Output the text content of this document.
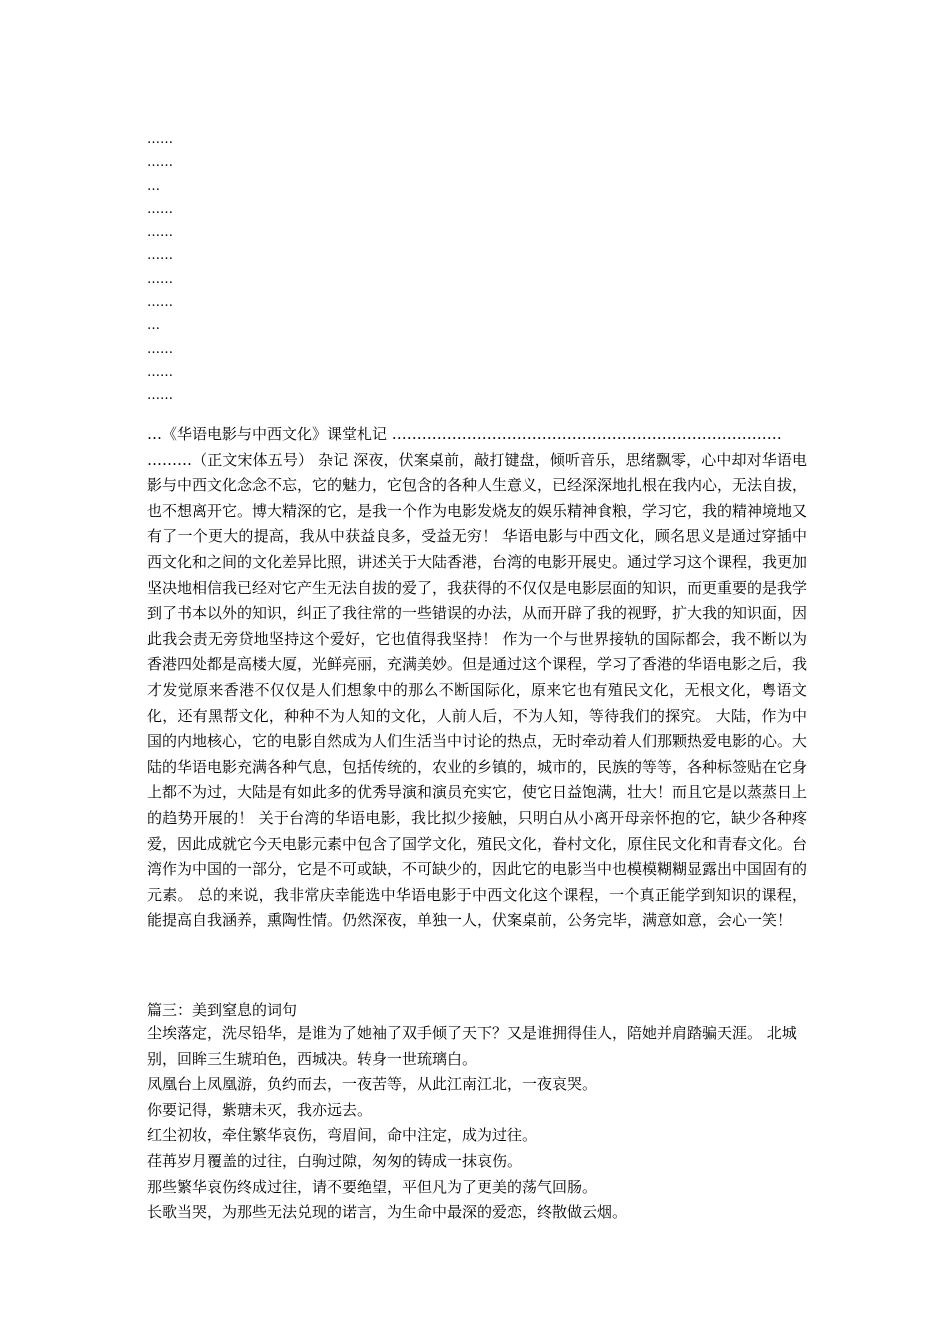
……
……
…
……
……
……
……
……
…
……
……
……
…《华语电影与中西文化》课堂札记 ……………………………………………………………………
………（正文宋体五号） 杂记 深夜，伏案桌前，敲打键盘，倾听音乐，思绪飘零，心中却对华语电影与中西文化念念不忘，它的魅力，它包含的各种人生意义，已经深深地扎根在我内心，无法自拔，也不想离开它。博大精深的它，是我一个作为电影发烧友的娱乐精神食粮，学习它，我的精神境地又有了一个更大的提高，我从中获益良多，受益无穷！ 华语电影与中西文化，顾名思义是通过穿插中西文化和之间的文化差异比照，讲述关于大陆香港，台湾的电影开展史。通过学习这个课程，我更加坚决地相信我已经对它产生无法自拔的爱了，我获得的不仅仅是电影层面的知识，而更重要的是我学到了书本以外的知识，纠正了我往常的一些错误的办法，从而开辟了我的视野，扩大我的知识面，因此我会责无旁贷地坚持这个爱好，它也值得我坚持！ 作为一个与世界接轨的国际都会，我不断以为香港四处都是高楼大厦，光鲜亮丽，充满美妙。但是通过这个课程，学习了香港的华语电影之后，我才发觉原来香港不仅仅是人们想象中的那么不断国际化，原来它也有殖民文化，无根文化，粤语文化，还有黑帮文化，种种不为人知的文化，人前人后，不为人知，等待我们的探究。 大陆，作为中国的内地核心，它的电影自然成为人们生活当中讨论的热点，无时牵动着人们那颗热爱电影的心。大陆的华语电影充满各种气息，包括传统的，农业的乡镇的，城市的，民族的等等，各种标签贴在它身上都不为过，大陆是有如此多的优秀导演和演员充实它，使它日益饱满，壮大！而且它是以蒸蒸日上的趋势开展的！ 关于台湾的华语电影，我比拟少接触，只明白从小离开母亲怀抱的它，缺少各种疼爱，因此成就它今天电影元素中包含了国学文化，殖民文化，眷村文化，原住民文化和青春文化。台湾作为中国的一部分，它是不可或缺，不可缺少的，因此它的电影当中也模模糊糊显露出中国固有的元素。 总的来说，我非常庆幸能选中华语电影于中西文化这个课程，一个真正能学到知识的课程，能提高自我涵养，熏陶性情。仍然深夜，单独一人，伏案桌前，公务完毕，满意如意，会心一笑！
篇三：美到窒息的词句
尘埃落定，洗尽铅华，是谁为了她袖了双手倾了天下？又是谁拥得佳人，陪她并肩踏骗天涯。 北城别，回眸三生琥珀色，西城决。转身一世琉璃白。
凤凰台上凤凰游，负约而去，一夜苦等，从此江南江北，一夜哀哭。
你要记得，紫瑭未灭，我亦远去。
红尘初妆，牵住繁华哀伤，弯眉间，命中注定，成为过往。
荏苒岁月覆盖的过往，白驹过隙，匆匆的铸成一抹哀伤。
那些繁华哀伤终成过往，请不要绝望，平但凡为了更美的荡气回肠。
长歌当哭，为那些无法兑现的诺言，为生命中最深的爱恋，终散做云烟。
